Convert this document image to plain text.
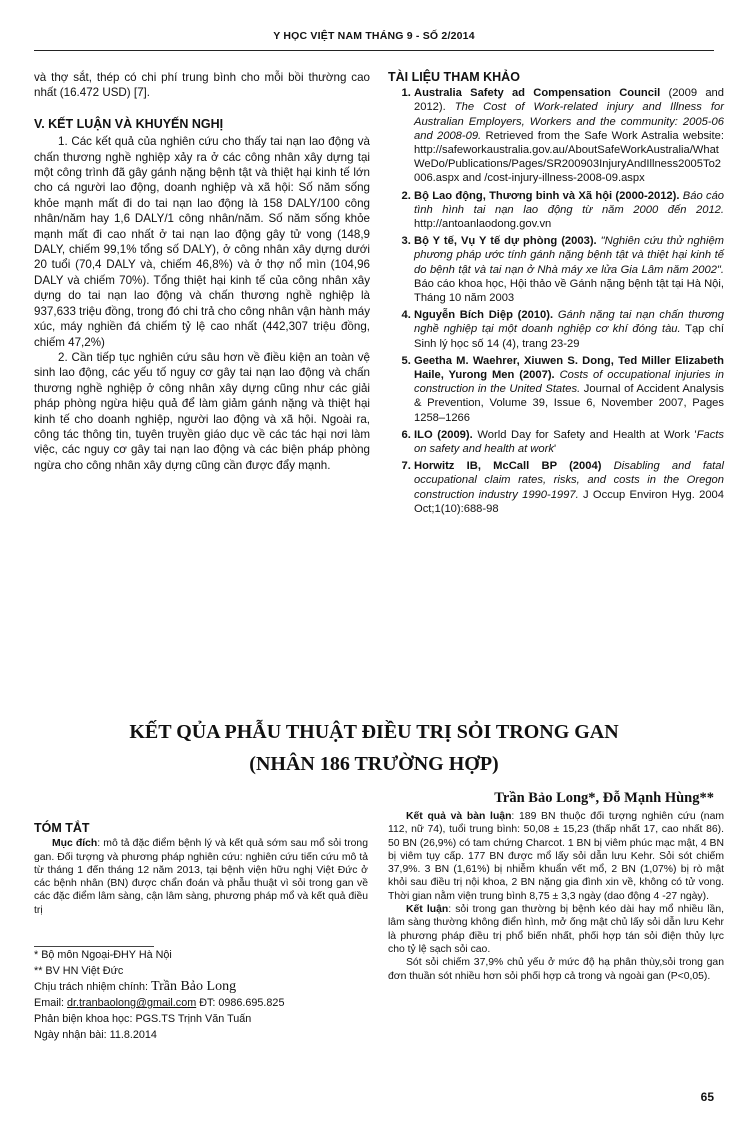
Y HỌC VIỆT NAM THÁNG 9 - SỐ 2/2014

và thợ sắt, thép có chi phí trung bình cho mỗi bồi thường cao nhất (16.472 USD) [7].

V. KẾT LUẬN VÀ KHUYẾN NGHỊ

1. Các kết quả của nghiên cứu cho thấy tai nạn lao động và chấn thương nghề nghiệp xảy ra ở các công nhân xây dựng tại một công trình đã gây gánh nặng bệnh tật và thiệt hại kinh tế lớn cho cá người lao động, doanh nghiệp và xã hội: Số năm sống khỏe mạnh mất đi do tai nạn lao động là 158 DALY/100 công nhân/năm hay 1,6 DALY/1 công nhân/năm. Số năm sống khỏe mạnh mất đi cao nhất ở tai nạn lao động gây tử vong (148,9 DALY, chiếm 99,1% tổng số DALY), ở công nhân xây dựng dưới 20 tuổi (70,4 DALY và, chiếm 46,8%) và ở thợ nổ mìn (104,96 DALY và chiếm 70%). Tổng thiệt hại kinh tế của công nhân xây dựng do tai nạn lao động và chấn thương nghề nghiệp là 937,633 triệu đồng, trong đó chi trả cho công nhân vận hành máy xúc, máy nghiền đá chiếm tỷ lệ cao nhất (442,307 triệu đồng, chiếm 47,2%)

2. Cần tiếp tục nghiên cứu sâu hơn về điều kiện an toàn vệ sinh lao động, các yếu tố nguy cơ gây tai nạn lao động và chấn thương nghề nghiệp ở công nhân xây dựng cũng như các giải pháp phòng ngừa hiệu quả để làm giảm gánh nặng và thiệt hại kinh tế cho doanh nghiệp, người lao động và xã hội. Ngoài ra, công tác thông tin, tuyên truyền giáo dục về các tác hại nơi làm việc, các nguy cơ gây tai nạn lao động và các biện pháp phòng ngừa cho công nhân xây dựng cũng cần được đẩy mạnh.

TÀI LIỆU THAM KHẢO
1. Australia Safety ad Compensation Council (2009 and 2012). The Cost of Work-related injury and Illness for Australian Employers, Workers and the community: 2005-06 and 2008-09. Retrieved from the Safe Work Astralia website: http://safeworkaustralia.gov.au/AboutSafeWorkAustralia/WhatWeDo/Publications/Pages/SR200903InjuryAndIllness2005To2006.aspx and /cost-injury-illness-2008-09.aspx
2. Bộ Lao động, Thương binh và Xã hội (2000-2012). Báo cáo tình hình tai nạn lao động từ năm 2000 đến 2012. http://antoanlaodong.gov.vn
3. Bộ Y tế, Vụ Y tế dự phòng (2003). "Nghiên cứu thử nghiệm phương pháp ước tính gánh nặng bệnh tật và thiệt hại kinh tế do bệnh tật và tai nạn ở Nhà máy xe lửa Gia Lâm năm 2002". Báo cáo khoa học, Hội thảo về Gánh nặng bệnh tật tại Hà Nội, Tháng 10 năm 2003
4. Nguyễn Bích Diệp (2010). Gánh nặng tai nạn chấn thương nghề nghiệp tại một doanh nghiệp cơ khí đóng tàu. Tạp chí Sinh lý học số 14 (4), trang 23-29
5. Geetha M. Waehrer, Xiuwen S. Dong, Ted Miller Elizabeth Haile, Yurong Men (2007). Costs of occupational injuries in construction in the United States. Journal of Accident Analysis & Prevention, Volume 39, Issue 6, November 2007, Pages 1258–1266
6. ILO (2009). World Day for Safety and Health at Work 'Facts on safety and health at work'
7. Horwitz IB, McCall BP (2004) Disabling and fatal occupational claim rates, risks, and costs in the Oregon construction industry 1990-1997. J Occup Environ Hyg. 2004 Oct;1(10):688-98
KẾT QỦA PHẪU THUẬT ĐIỀU TRỊ SỎI TRONG GAN
(NHÂN 186 TRƯỜNG HỢP)
Trần Bảo Long*, Đỗ Mạnh Hùng**
TÓM TẮT

Mục đích: mô tả đặc điểm bệnh lý và kết quả sớm sau mổ sỏi trong gan. Đối tượng và phương pháp nghiên cứu: nghiên cứu tiến cứu mô tả từ tháng 1 đến tháng 12 năm 2013, tại bệnh viện hữu nghị Việt Đức ở các bệnh nhân (BN) được chẩn đoán và phẫu thuật vì sỏi trong gan về các đặc điểm lâm sàng, cận lâm sàng, phương pháp mổ và kết quả điều trị

* Bộ môn Ngoại-ĐHY Hà Nội
** BV HN Việt Đức
Chịu trách nhiệm chính: Trần Bảo Long
Email: dr.tranbaolong@gmail.com ĐT: 0986.695.825
Phản biện khoa học: PGS.TS Trịnh Văn Tuấn
Ngày nhận bài: 11.8.2014

Kết quả và bàn luận: 189 BN thuộc đối tượng nghiên cứu (nam 112, nữ 74), tuổi trung bình: 50,08 ± 15,23 (thấp nhất 17, cao nhất 86). 50 BN (26,9%) có tam chứng Charcot. 1 BN bị viêm phúc mạc mật, 4 BN bị viêm tụy cấp. 177 BN được mổ lấy sỏi dẫn lưu Kehr. Sỏi sót chiếm 37,9%. 3 BN (1,61%) bị nhiễm khuẩn vết mổ, 2 BN (1,07%) bị rò mật khỏi sau điều trị nội khoa, 2 BN nặng gia đình xin về, không có tử vong. Thời gian nằm viện trung bình 8,75 ± 3,3 ngày (dao động 4 -27 ngày).

Kết luận: sỏi trong gan thường bị bệnh kéo dài hay mổ nhiều lần, lâm sàng thường không điển hình, mở ống mật chủ lấy sỏi dẫn lưu Kehr là phương pháp điều trị phổ biến nhất, phối hợp tán sỏi điện thủy lực cho tỷ lệ sạch sỏi cao.

Sót sỏi chiếm 37,9% chủ yếu ở mức độ hạ phân thùy,sỏi trong gan đơn thuần sót nhiều hơn sỏi phối hợp cả trong và ngoài gan (P<0,05).

65
